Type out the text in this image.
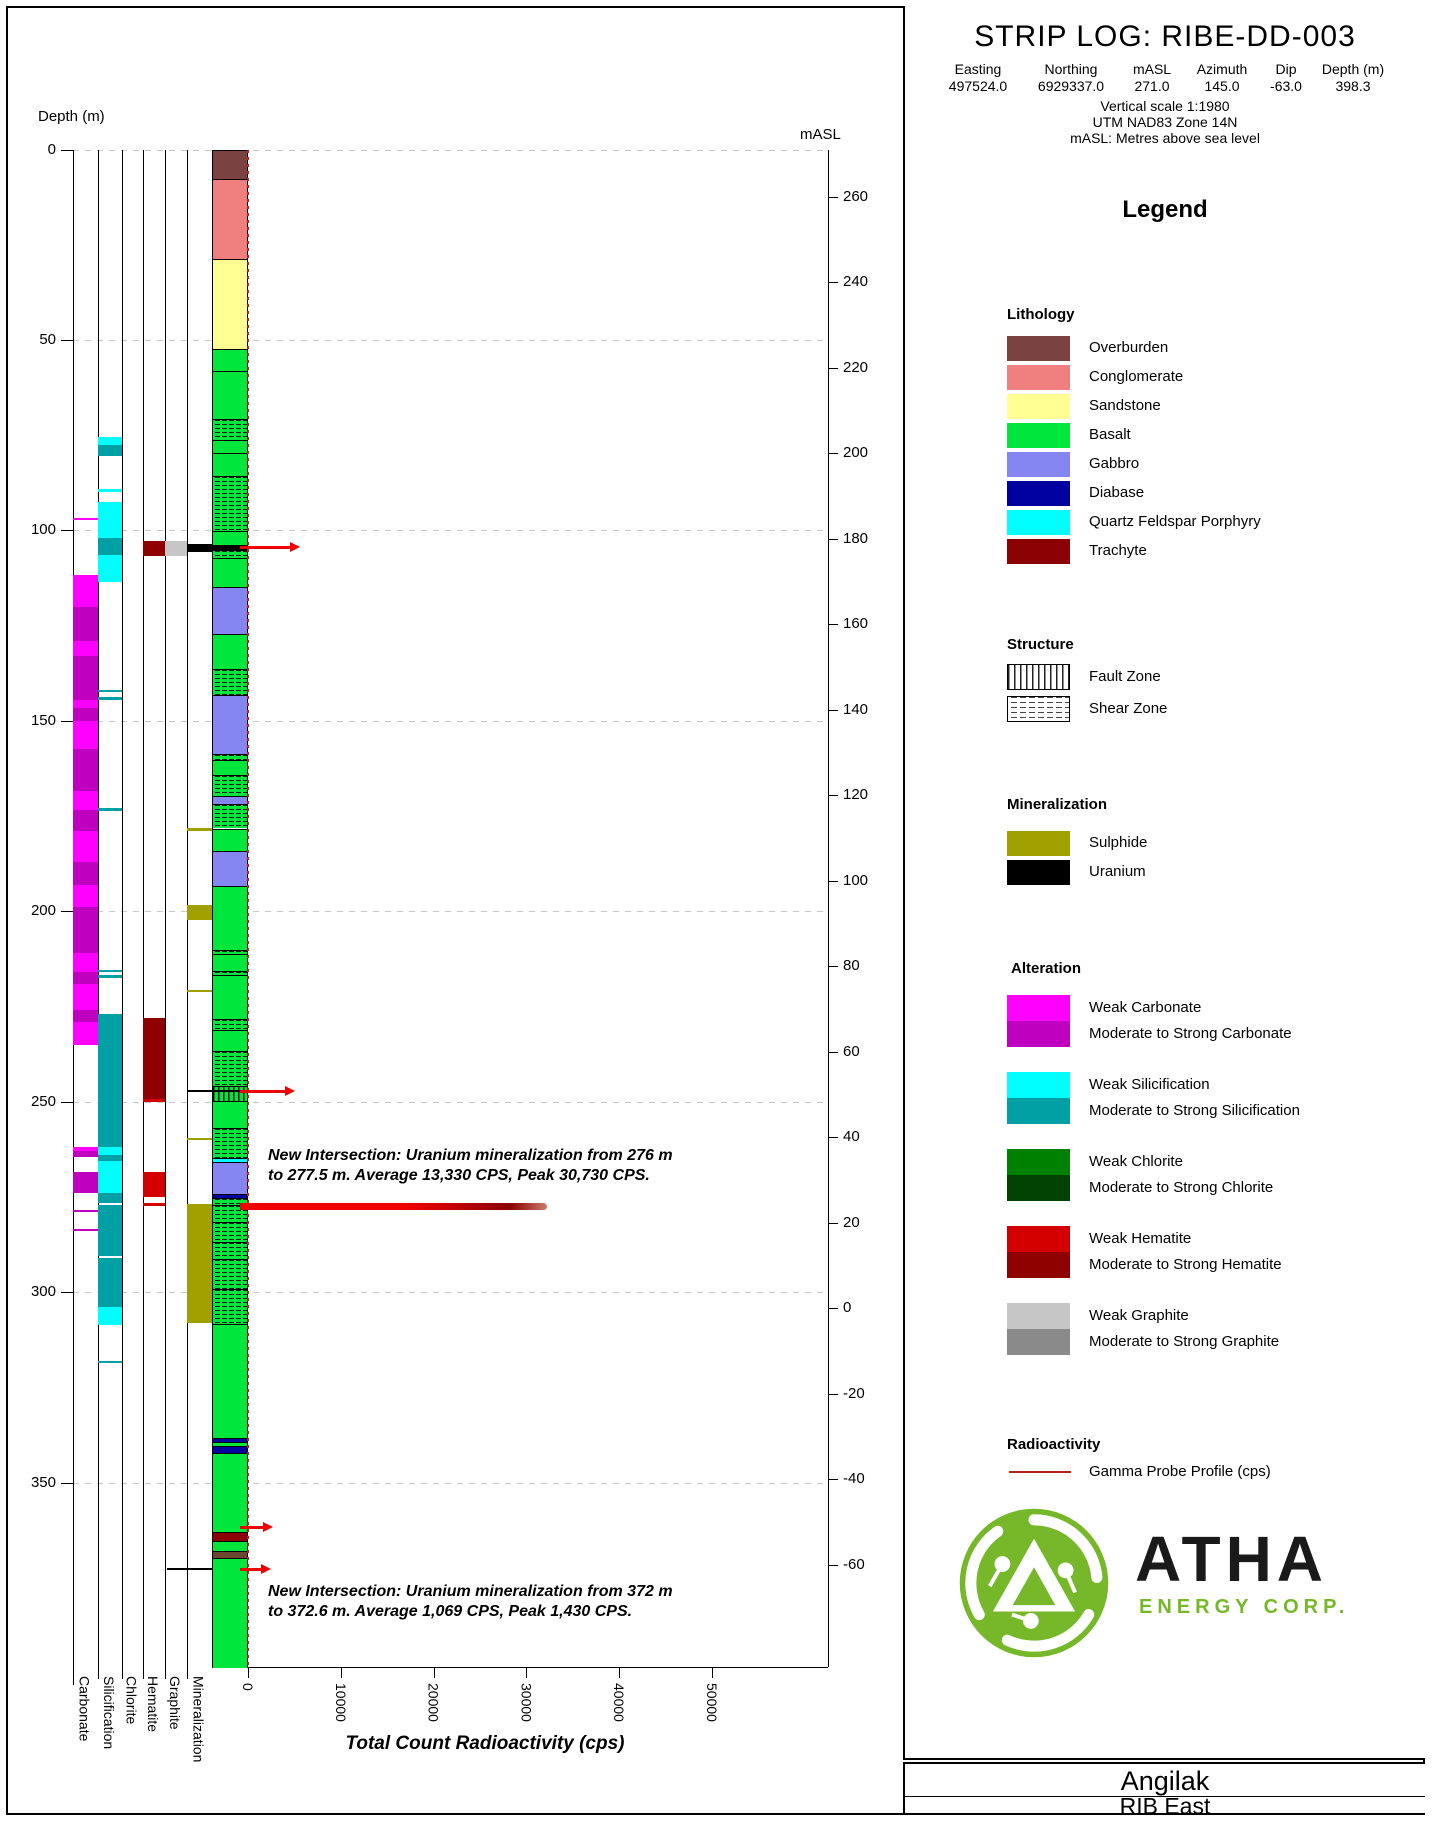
Depth (m)
mASL
New Intersection: Uranium mineralization from 276 m
to 277.5 m. Average 13,330 CPS, Peak 30,730 CPS.
New Intersection: Uranium mineralization from 372 m
to 372.6 m. Average 1,069 CPS, Peak 1,430 CPS.
Total Count Radioactivity (cps)
0
50
100
150
200
250
300
350
260
240
220
200
180
160
140
120
100
80
60
40
20
0
-20
-40
-60
0	10000	20000	30000	40000	50000
Carbonate Silicification Chlorite Hematite Graphite Mineralization
STRIP LOG: RIBE-DD-003
Easting
497524.0
Northing
6929337.0
mASL
271.0
Azimuth
145.0
Dip
-63.0
Depth (m)
398.3
Vertical scale 1:1980
UTM NAD83 Zone 14N
mASL: Metres above sea level
Legend
Lithology
Overburden
Conglomerate
Sandstone
Basalt
Gabbro
Diabase
Quartz Feldspar Porphyry
Trachyte
Structure
Fault Zone
Shear Zone
Mineralization
Sulphide
Uranium
Alteration
Weak Carbonate
Moderate to Strong Carbonate
Weak Silicification
Moderate to Strong Silicification
Weak Chlorite
Moderate to Strong Chlorite
Weak Hematite
Moderate to Strong Hematite
Weak Graphite
Moderate to Strong Graphite
Radioactivity
Gamma Probe Profile (cps)
ATHA
ENERGY CORP.
Angilak
RIB East
